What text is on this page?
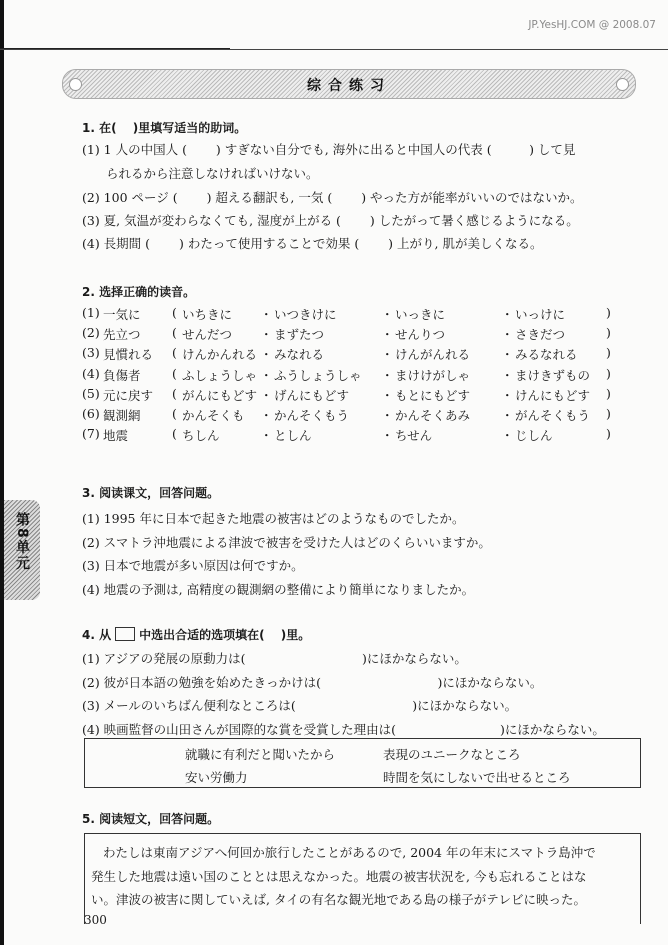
JP.YesHJ.COM @ 2008.07
综合练习
第8单元
1. 在(　 )里填写适当的助词。
(1) 1 人の中国人 (　　 ) すぎない自分でも, 海外に出ると中国人の代表 (　　　) して見
られるから注意しなければいけない。
(2) 100 ページ (　　 ) 超える翻訳も, 一気 (　　 ) やった方が能率がいいのではないか。
(3) 夏, 気温が変わらなくても, 湿度が上がる (　　 ) したがって暑く感じるようになる。
(4) 長期間 (　　 ) わたって使用することで効果 (　　 ) 上がり, 肌が美しくなる。
2. 选择正确的读音。
(1) 一気に	( いちきに ・ いつきけに	・ いっきに	・ いっけに	)
(2) 先立つ	( せんだつ ・ まずたつ	・ せんりつ	・ さきだつ	)
(3) 見慣れる ( けんかんれる ・ みなれる	・ けんがんれる ・ みるなれる )
(4) 負傷者	( ふしょうしゃ ・ ふうしょうしゃ ・ まけけがしゃ ・ まけきずもの )
(5) 元に戻す ( がんにもどす ・ げんにもどす	・ もとにもどす ・ けんにもどす )
(6) 観測網	( かんそくも ・ かんそくもう	・ かんそくあみ ・ がんそくもう )
(7) 地震	( ちしん	・ としん	・ ちせん	・ じしん	)
3. 阅读课文，回答问题。
(1) 1995 年に日本で起きた地震の被害はどのようなものでしたか。
(2) スマトラ沖地震による津波で被害を受けた人はどのくらいいますか。
(3) 日本で地震が多い原因は何ですか。
(4) 地震の予測は, 高精度の観測網の整備により簡単になりましたか。
4. 从 中选出合适的选项填在(　 )里。
(1) アジアの発展の原動力は(　　　　　　　　　 )にほかならない。
(2) 彼が日本語の勉強を始めたきっかけは(　　　　　　　　　 )にほかならない。
(3) メールのいちばん便利なところは(　　　　　　　　　 )にほかならない。
(4) 映画監督の山田さんが国際的な賞を受賞した理由は(　　　　　　　　 )にほかならない。
就職に有利だと聞いたから	表現のユニークなところ
安い労働力	時間を気にしないで出せるところ
5. 阅读短文，回答问题。
わたしは東南アジアへ何回か旅行したことがあるので, 2004 年の年末にスマトラ島沖で
発生した地震は遠い国のこととは思えなかった。地震の被害状況を, 今も忘れることはな
い。津波の被害に関していえば, タイの有名な観光地である島の様子がテレビに映った。
300
